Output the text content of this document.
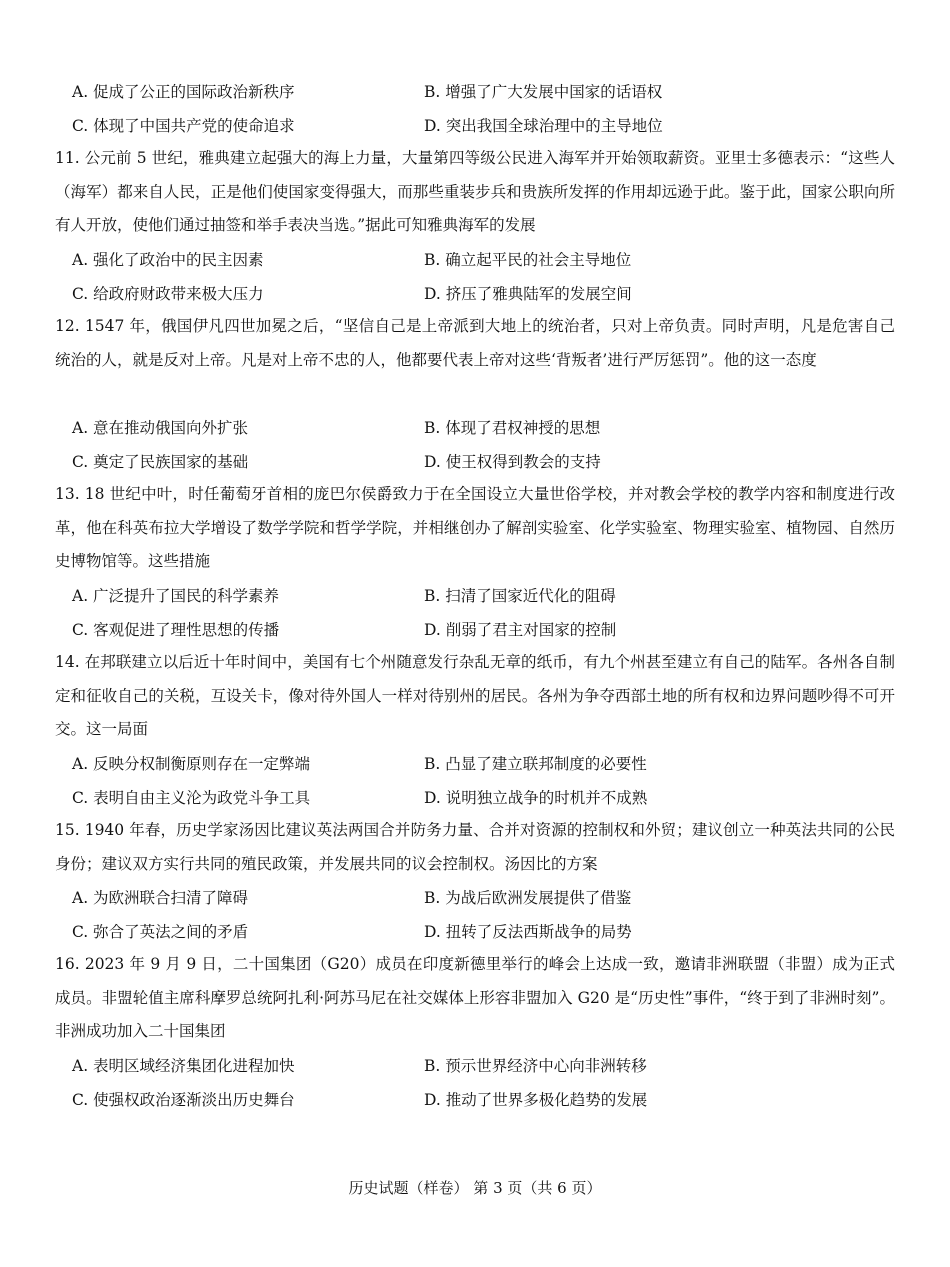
A. 促成了公正的国际政治新秩序	B. 增强了广大发展中国家的话语权
C. 体现了中国共产党的使命追求	D. 突出我国全球治理中的主导地位
11. 公元前 5 世纪，雅典建立起强大的海上力量，大量第四等级公民进入海军并开始领取薪资。亚里士多德表示：“这些人（海军）都来自人民，正是他们使国家变得强大，而那些重装步兵和贵族所发挥的作用却远逊于此。鉴于此，国家公职向所有人开放，使他们通过抽签和举手表决当选。”据此可知雅典海军的发展
A. 强化了政治中的民主因素	B. 确立起平民的社会主导地位
C. 给政府财政带来极大压力	D. 挤压了雅典陆军的发展空间
12. 1547 年，俄国伊凡四世加冕之后，“坚信自己是上帝派到大地上的统治者，只对上帝负责。同时声明，凡是危害自己统治的人，就是反对上帝。凡是对上帝不忠的人，他都要代表上帝对这些‘背叛者’进行严厉惩罚”。他的这一态度
A. 意在推动俄国向外扩张	B. 体现了君权神授的思想
C. 奠定了民族国家的基础	D. 使王权得到教会的支持
13. 18 世纪中叶，时任葡萄牙首相的庞巴尔侯爵致力于在全国设立大量世俗学校，并对教会学校的教学内容和制度进行改革，他在科英布拉大学增设了数学学院和哲学学院，并相继创办了解剖实验室、化学实验室、物理实验室、植物园、自然历史博物馆等。这些措施
A. 广泛提升了国民的科学素养	B. 扫清了国家近代化的阻碍
C. 客观促进了理性思想的传播	D. 削弱了君主对国家的控制
14. 在邦联建立以后近十年时间中，美国有七个州随意发行杂乱无章的纸币，有九个州甚至建立有自己的陆军。各州各自制定和征收自己的关税，互设关卡，像对待外国人一样对待别州的居民。各州为争夺西部土地的所有权和边界问题吵得不可开交。这一局面
A. 反映分权制衡原则存在一定弊端	B. 凸显了建立联邦制度的必要性
C. 表明自由主义沦为政党斗争工具	D. 说明独立战争的时机并不成熟
15. 1940 年春，历史学家汤因比建议英法两国合并防务力量、合并对资源的控制权和外贸；建议创立一种英法共同的公民身份；建议双方实行共同的殖民政策，并发展共同的议会控制权。汤因比的方案
A. 为欧洲联合扫清了障碍	B. 为战后欧洲发展提供了借鉴
C. 弥合了英法之间的矛盾	D. 扭转了反法西斯战争的局势
16. 2023 年 9 月 9 日，二十国集团（G20）成员在印度新德里举行的峰会上达成一致，邀请非洲联盟（非盟）成为正式成员。非盟轮值主席科摩罗总统阿扎利·阿苏马尼在社交媒体上形容非盟加入 G20 是“历史性”事件，“终于到了非洲时刻”。非洲成功加入二十国集团
A. 表明区域经济集团化进程加快	B. 预示世界经济中心向非洲转移
C. 使强权政治逐渐淡出历史舞台	D. 推动了世界多极化趋势的发展
历史试题（样卷） 第 3 页（共 6 页）
